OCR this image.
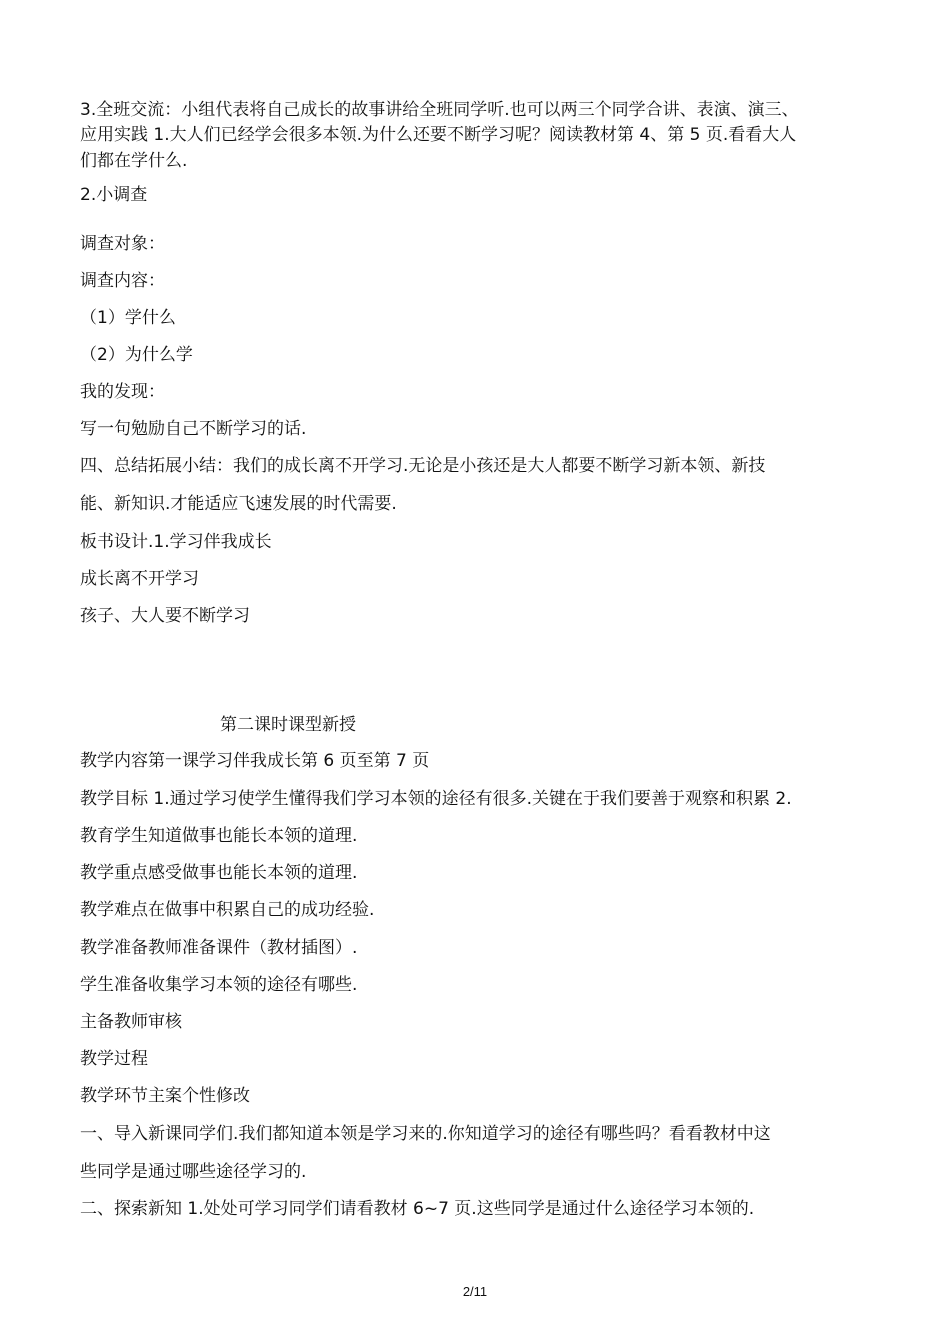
3.全班交流：小组代表将自己成长的故事讲给全班同学听.也可以两三个同学合讲、表演、演三、
应用实践 1.大人们已经学会很多本领.为什么还要不断学习呢？阅读教材第 4、第 5 页.看看大人
们都在学什么.
2.小调查
调查对象：
调查内容：
（1）学什么
（2）为什么学
我的发现：
写一句勉励自己不断学习的话.
四、总结拓展小结：我们的成长离不开学习.无论是小孩还是大人都要不断学习新本领、新技
能、新知识.才能适应飞速发展的时代需要.
板书设计.1.学习伴我成长
成长离不开学习
孩子、大人要不断学习
第二课时课型新授
教学内容第一课学习伴我成长第 6 页至第 7 页
教学目标 1.通过学习使学生懂得我们学习本领的途径有很多.关键在于我们要善于观察和积累 2.
教育学生知道做事也能长本领的道理.
教学重点感受做事也能长本领的道理.
教学难点在做事中积累自己的成功经验.
教学准备教师准备课件（教材插图）.
学生准备收集学习本领的途径有哪些.
主备教师审核
教学过程
教学环节主案个性修改
一、导入新课同学们.我们都知道本领是学习来的.你知道学习的途径有哪些吗？看看教材中这
些同学是通过哪些途径学习的.
二、探索新知 1.处处可学习同学们请看教材 6~7 页.这些同学是通过什么途径学习本领的.
2/11
